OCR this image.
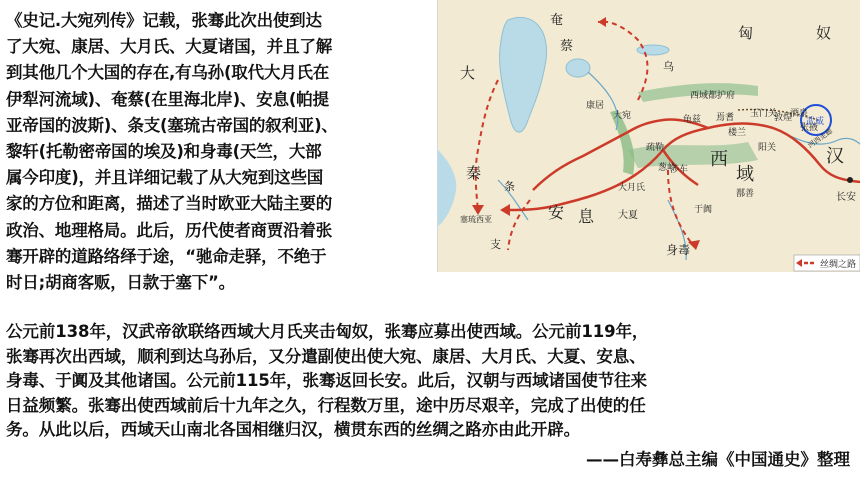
《史记.大宛列传》记载，张骞此次出使到达
了大宛、康居、大月氏、大夏诸国，并且了解
到其他几个大国的存在,有乌孙(取代大月氏在
伊犁河流域)、奄蔡(在里海北岸)、安息(帕提
亚帝国的波斯)、条支(塞琉古帝国的叙利亚)、
黎轩(托勒密帝国的埃及)和身毒(天竺，大部
属今印度)，并且详细记载了从大宛到这些国
家的方位和距离，描述了当时欧亚大陆主要的
政治、地理格局。此后，历代使者商贾沿着张
骞开辟的道路络绎于途，“驰命走驿，不绝于
时日;胡商客贩，日款于塞下”。
奄
蔡
匈	奴
乌
大宛
康居
疏勒
龟兹 焉耆
楼兰
敦煌
玉门关 酒泉
张掖
武威
阳关
西域都护府
西
域
汉
长安
大月氏
大夏
葱岭
莎车
鄯善
于阗
安 息
大
秦
条
支
塞琉西亚
身毒
河西走廊
丝绸之路
公元前138年，汉武帝欲联络西域大月氏夹击匈奴，张骞应募出使西域。公元前119年，
张骞再次出西域，顺利到达乌孙后，又分遣副使出使大宛、康居、大月氏、大夏、安息、
身毒、于阗及其他诸国。公元前115年，张骞返回长安。此后，汉朝与西域诸国使节往来
日益频繁。张骞出使西域前后十九年之久，行程数万里，途中历尽艰辛，完成了出使的任
务。从此以后，西域天山南北各国相继归汉，横贯东西的丝绸之路亦由此开辟。
——白寿彝总主编《中国通史》整理
